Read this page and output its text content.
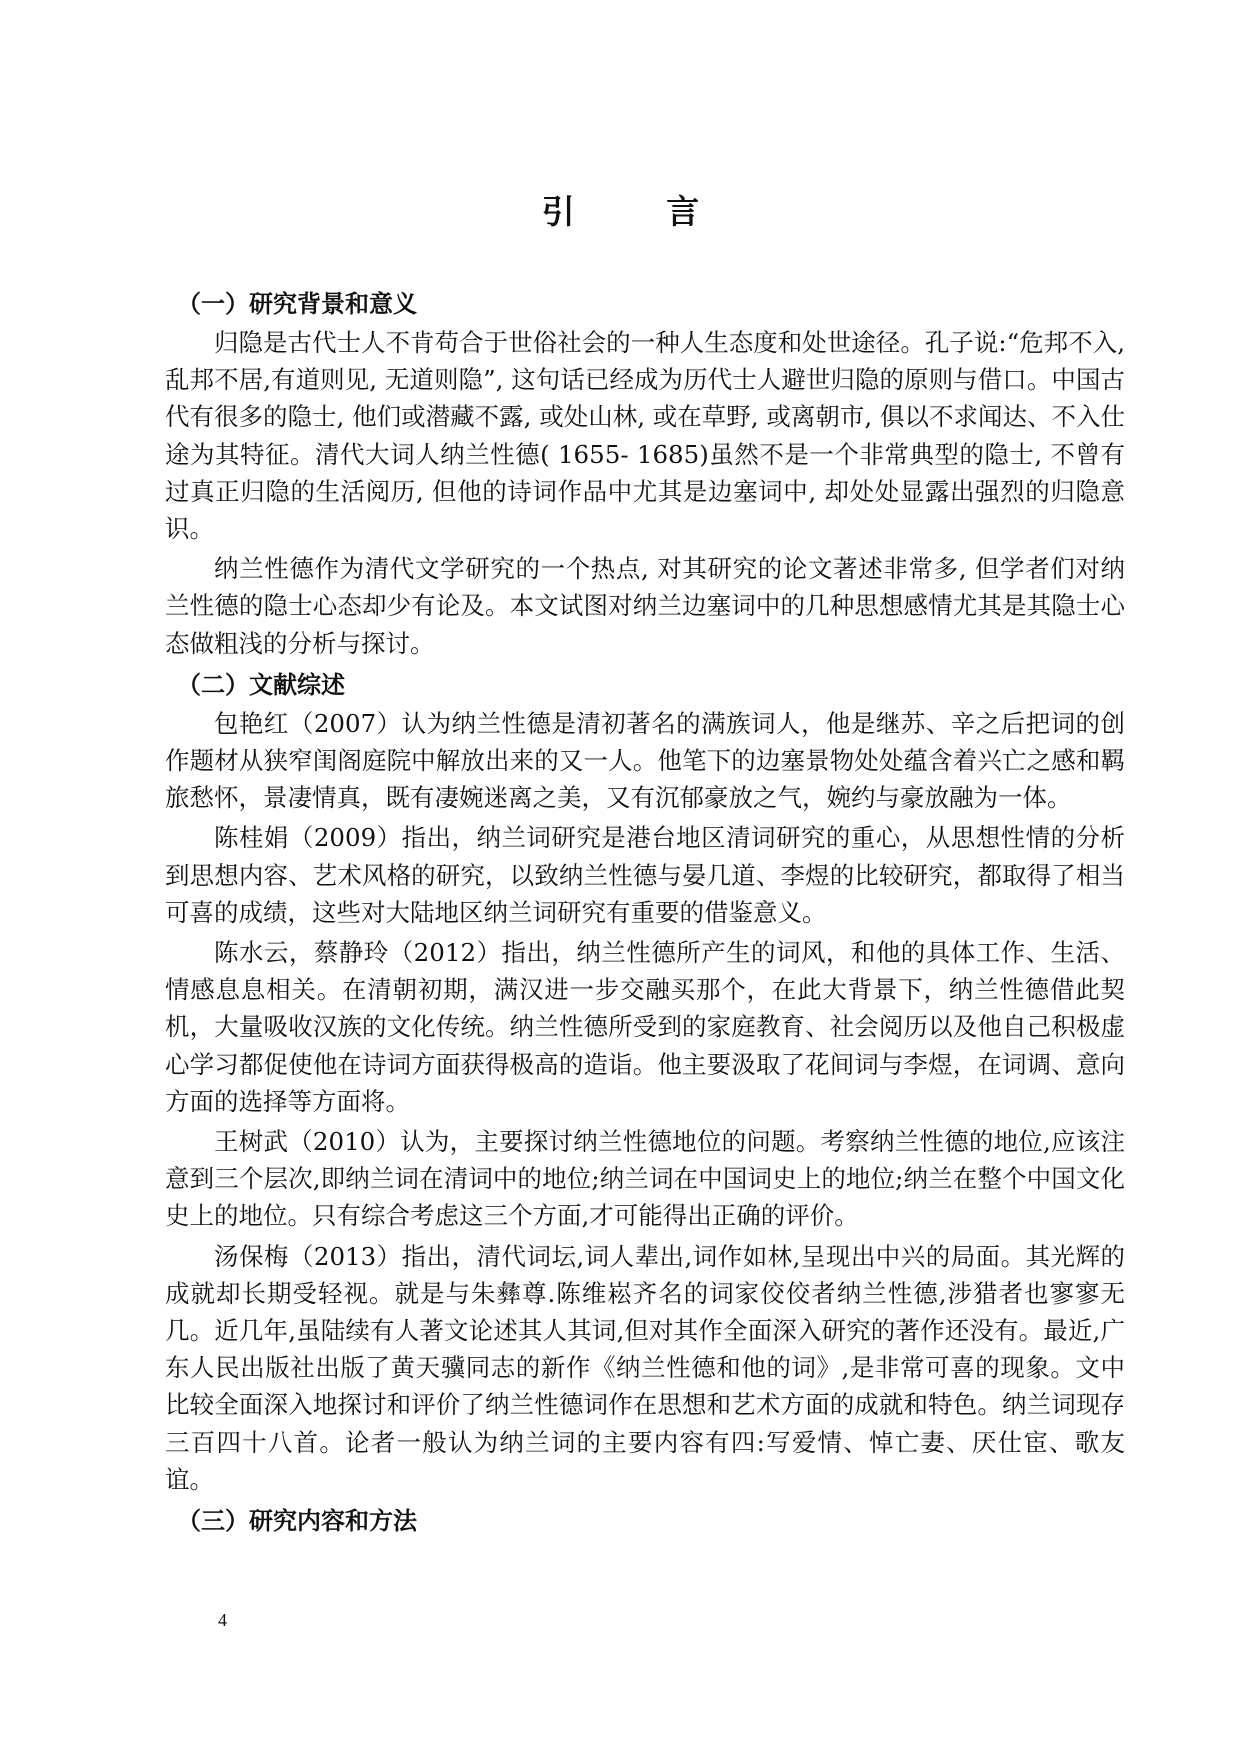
引 言

（一）研究背景和意义

归隐是古代士人不肯苟合于世俗社会的一种人生态度和处世途径。孔子说:“危邦不入,乱邦不居,有道则见, 无道则隐”, 这句话已经成为历代士人避世归隐的原则与借口。中国古代有很多的隐士, 他们或潜藏不露, 或处山林, 或在草野, 或离朝市, 俱以不求闻达、不入仕途为其特征。清代大词人纳兰性德( 1655- 1685)虽然不是一个非常典型的隐士, 不曾有过真正归隐的生活阅历, 但他的诗词作品中尤其是边塞词中, 却处处显露出强烈的归隐意识。

纳兰性德作为清代文学研究的一个热点, 对其研究的论文著述非常多, 但学者们对纳兰性德的隐士心态却少有论及。本文试图对纳兰边塞词中的几种思想感情尤其是其隐士心态做粗浅的分析与探讨。

（二）文献综述

包艳红（2007）认为纳兰性德是清初著名的满族词人，他是继苏、辛之后把词的创作题材从狭窄闺阁庭院中解放出来的又一人。他笔下的边塞景物处处蕴含着兴亡之感和羁旅愁怀，景凄情真，既有凄婉迷离之美，又有沉郁豪放之气，婉约与豪放融为一体。

陈桂娟（2009）指出，纳兰词研究是港台地区清词研究的重心，从思想性情的分析到思想内容、艺术风格的研究，以致纳兰性德与晏几道、李煜的比较研究，都取得了相当可喜的成绩，这些对大陆地区纳兰词研究有重要的借鉴意义。

陈水云，蔡静玲（2012）指出，纳兰性德所产生的词风，和他的具体工作、生活、情感息息相关。在清朝初期，满汉进一步交融买那个，在此大背景下，纳兰性德借此契机，大量吸收汉族的文化传统。纳兰性德所受到的家庭教育、社会阅历以及他自己积极虚心学习都促使他在诗词方面获得极高的造诣。他主要汲取了花间词与李煜，在词调、意向方面的选择等方面将。

王树武（2010）认为，主要探讨纳兰性德地位的问题。考察纳兰性德的地位,应该注意到三个层次,即纳兰词在清词中的地位;纳兰词在中国词史上的地位;纳兰在整个中国文化史上的地位。只有综合考虑这三个方面,才可能得出正确的评价。

汤保梅（2013）指出，清代词坛,词人辈出,词作如林,呈现出中兴的局面。其光辉的成就却长期受轻视。就是与朱彝尊.陈维崧齐名的词家佼佼者纳兰性德,涉猎者也寥寥无几。近几年,虽陆续有人著文论述其人其词,但对其作全面深入研究的著作还没有。最近,广东人民出版社出版了黄天骥同志的新作《纳兰性德和他的词》,是非常可喜的现象。文中比较全面深入地探讨和评价了纳兰性德词作在思想和艺术方面的成就和特色。纳兰词现存三百四十八首。论者一般认为纳兰词的主要内容有四:写爱情、悼亡妻、厌仕宦、歌友谊。

（三）研究内容和方法

4
